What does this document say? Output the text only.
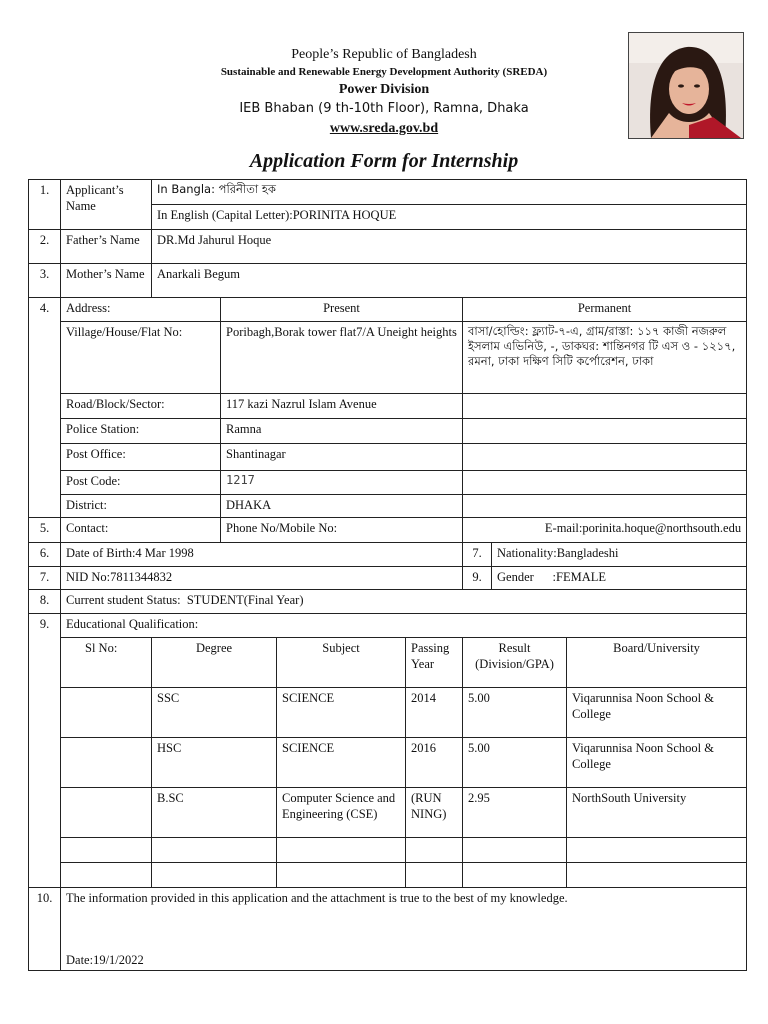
People’s Republic of Bangladesh
Sustainable and Renewable Energy Development Authority (SREDA)
Power Division
IEB Bhaban (9 th-10th Floor), Ramna, Dhaka
www.sreda.gov.bd
Application Form for Internship
1.	Applicant’s Name	In Bangla: পরিনীতা হক						
		In English (Capital Letter):PORINITA HOQUE						
2.	Father’s Name	DR.Md Jahurul Hoque						
3.	Mother’s Name	Anarkali Begum						
4.	Address:		Present			Permanent		
	Village/House/Flat No:		Poribagh,Borak tower flat7/A Uneight heights			বাসা/হোল্ডিং: ফ্ল্যাট-৭-এ, গ্রাম/রাস্তা: ১১৭ কাজী নজরুল ইসলাম এভিনিউ, -, ডাকঘর: শান্তিনগর টি এস ও - ১২১৭, রমনা, ঢাকা দক্ষিণ সিটি কর্পোরেশন, ঢাকা		
	Road/Block/Sector:		117 kazi Nazrul Islam Avenue					
	Police Station:		Ramna					
	Post Office:		Shantinagar					
	Post Code:		1217					
	District:		DHAKA					
5.	Contact:		Phone No/Mobile No:			E-mail:porinita.hoque@northsouth.edu		
6.	Date of Birth:4 Mar 1998					7.	Nationality:Bangladeshi	
7.	NID No:7811344832					9.	Gender      :FEMALE	
8.	Current student Status:  STUDENT(Final Year)							
9.	Educational Qualification:							
	Sl No:	Degree		Subject	Passing Year	Result (Division/GPA)		Board/University
		SSC		SCIENCE	2014	5.00		Viqarunnisa Noon School & College
		HSC		SCIENCE	2016	5.00		Viqarunnisa Noon School & College
		B.SC		Computer Science and Engineering (CSE)	(RUN NING)	2.95		NorthSouth University

10.	The information provided in this application and the attachment is true to the best of my knowledge.
Date:19/1/2022							
